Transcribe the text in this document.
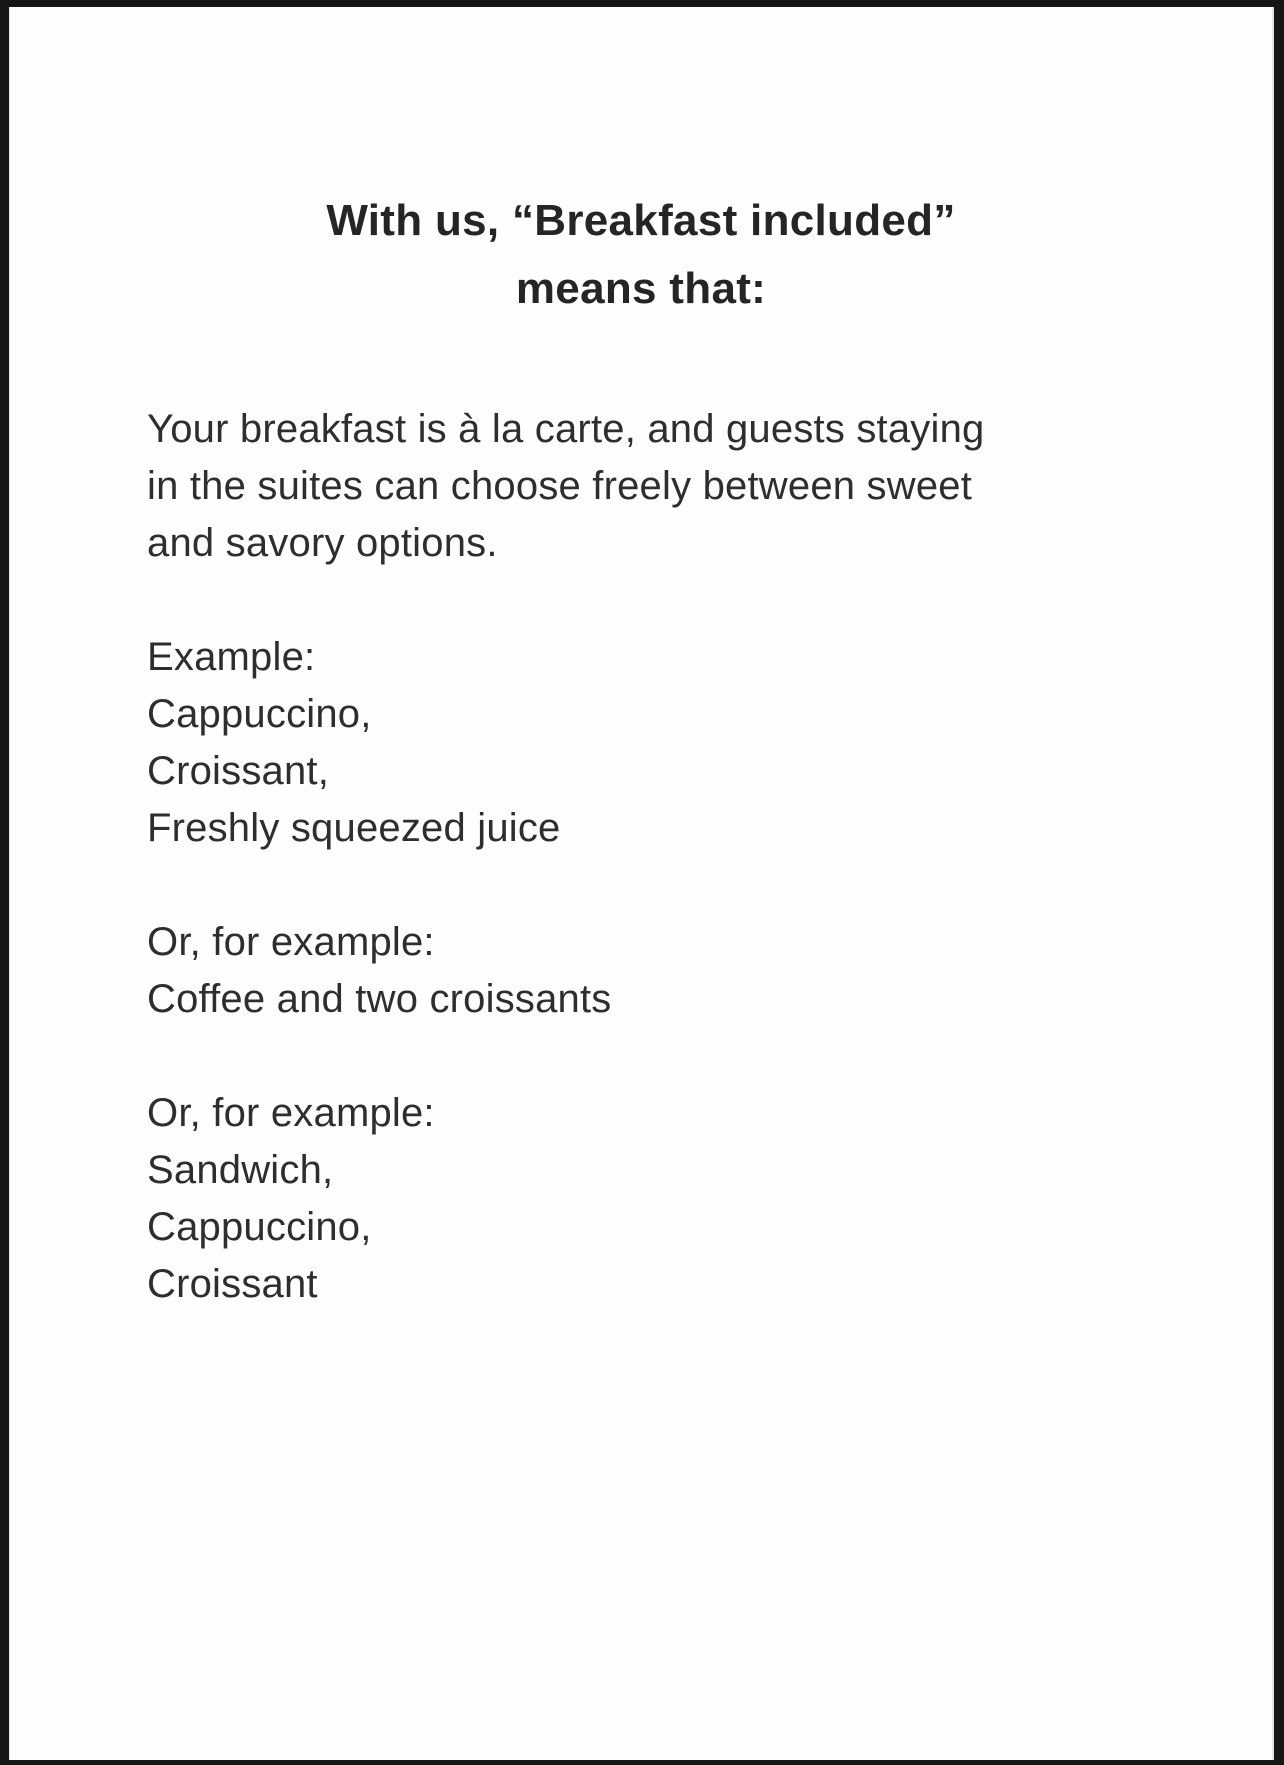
With us, “Breakfast included”
means that:
Your breakfast is à la carte, and guests staying
in the suites can choose freely between sweet
and savory options.
Example:
Cappuccino,
Croissant,
Freshly squeezed juice
Or, for example:
Coffee and two croissants
Or, for example:
Sandwich,
Cappuccino,
Croissant
